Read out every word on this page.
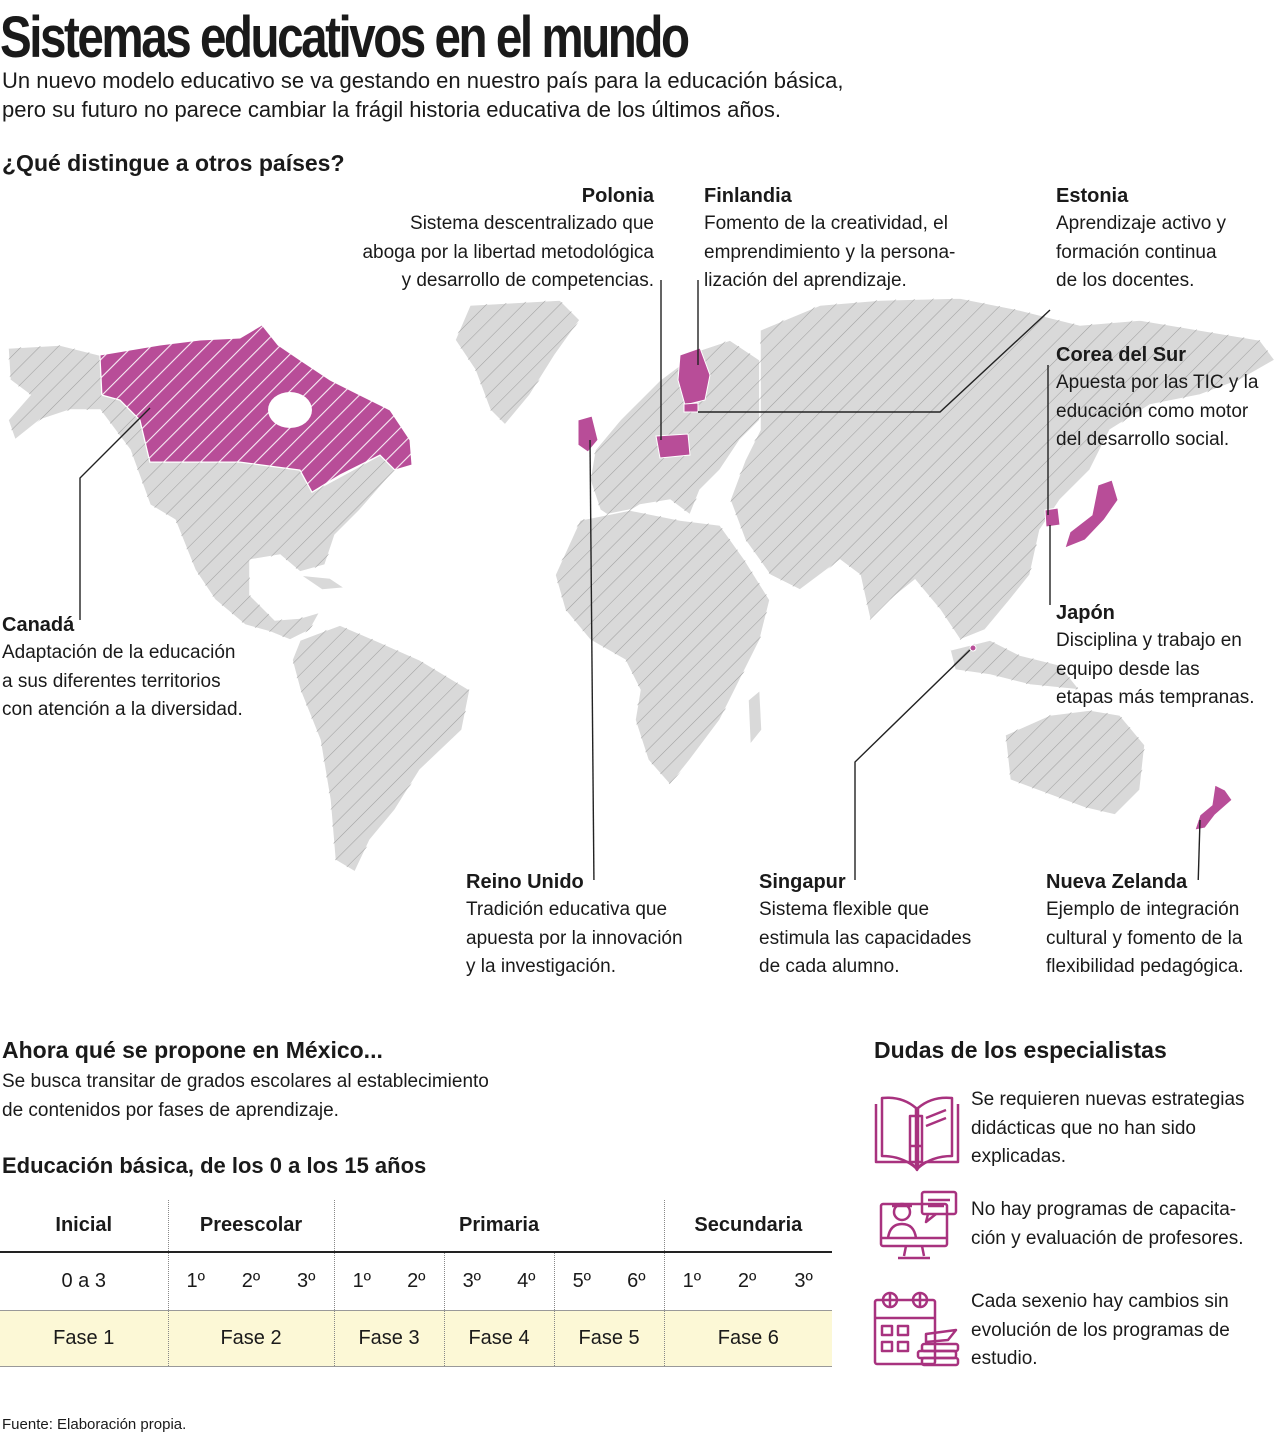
Sistemas educativos en el mundo
Un nuevo modelo educativo se va gestando en nuestro país para la educación básica,
pero su futuro no parece cambiar la frágil historia educativa de los últimos años.
¿Qué distingue a otros países?
Polonia
Sistema descentralizado que
aboga por la libertad metodológica
y desarrollo de competencias.
Finlandia
Fomento de la creatividad, el
emprendimiento y la persona-
lización del aprendizaje.
Estonia
Aprendizaje activo y
formación continua
de los docentes.
Corea del Sur
Apuesta por las TIC y la
educación como motor
del desarrollo social.
Canadá
Adaptación de la educación
a sus diferentes territorios
con atención a la diversidad.
Japón
Disciplina y trabajo en
equipo desde las
etapas más tempranas.
Reino Unido
Tradición educativa que
apuesta por la innovación
y la investigación.
Singapur
Sistema flexible que
estimula las capacidades
de cada alumno.
Nueva Zelanda
Ejemplo de integración
cultural y fomento de la
flexibilidad pedagógica.
Ahora qué se propone en México...
Se busca transitar de grados escolares al establecimiento
de contenidos por fases de aprendizaje.
Educación básica, de los 0 a los 15 años
Inicial	Preescolar			Primaria						Secundaria		
0 a 3	1º	2º	3º	1º	2º	3º	4º	5º	6º	1º	2º	3º
Fase 1	Fase 2			Fase 3		Fase 4		Fase 5		Fase 6		
Dudas de los especialistas
Se requieren nuevas estrategias
didácticas que no han sido
explicadas.
No hay programas de capacita-
ción y evaluación de profesores.
Cada sexenio hay cambios sin
evolución de los programas de
estudio.
Fuente: Elaboración propia.
